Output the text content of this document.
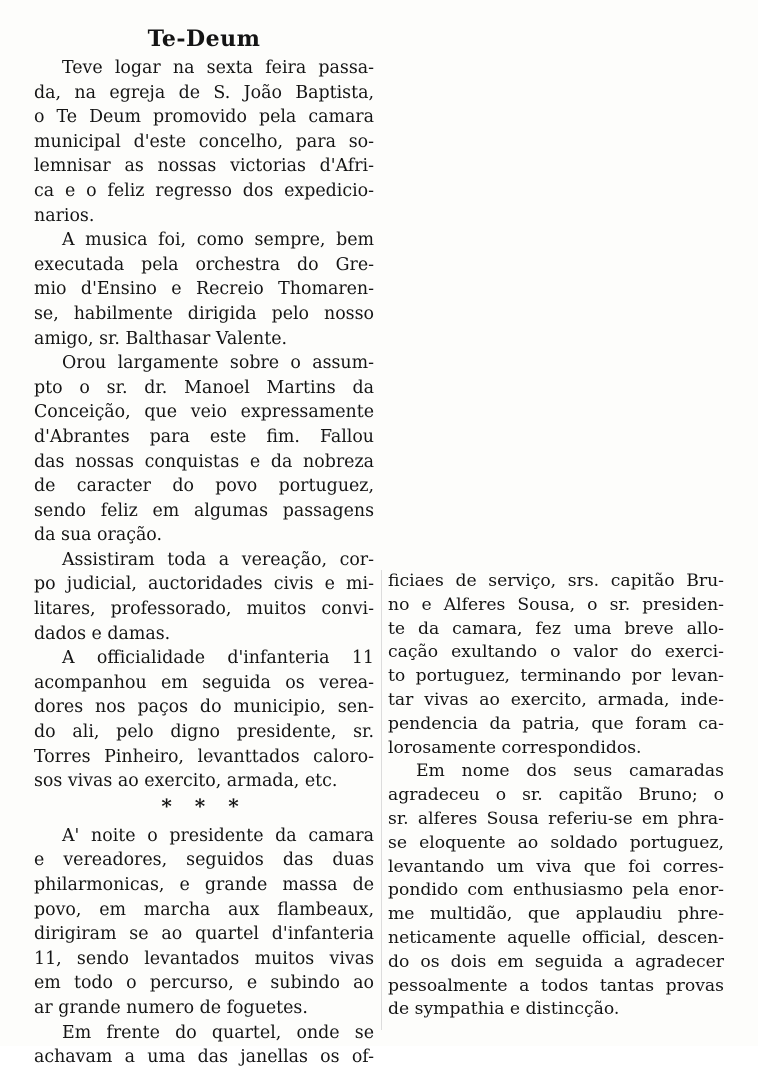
Te-Deum
Teve logar na sexta feira passa-
da, na egreja de S. João Baptista,
o Te Deum promovido pela camara
municipal d'este concelho, para so-
lemnisar as nossas victorias d'Afri-
ca e o feliz regresso dos expedicio-
narios.
A musica foi, como sempre, bem
executada pela orchestra do Gre-
mio d'Ensino e Recreio Thomaren-
se, habilmente dirigida pelo nosso
amigo, sr. Balthasar Valente.
Orou largamente sobre o assum-
pto o sr. dr. Manoel Martins da
Conceição, que veio expressamente
d'Abrantes para este fim. Fallou
das nossas conquistas e da nobreza
de caracter do povo portuguez,
sendo feliz em algumas passagens
da sua oração.
Assistiram toda a vereação, cor-
po judicial, auctoridades civis e mi-
litares, professorado, muitos convi-
dados e damas.
A officialidade d'infanteria 11
acompanhou em seguida os verea-
dores nos paços do municipio, sen-
do ali, pelo digno presidente, sr.
Torres Pinheiro, levanttados caloro-
sos vivas ao exercito, armada, etc.
* * *
A' noite o presidente da camara
e vereadores, seguidos das duas
philarmonicas, e grande massa de
povo, em marcha aux flambeaux,
dirigiram se ao quartel d'infanteria
11, sendo levantados muitos vivas
em todo o percurso, e subindo ao
ar grande numero de foguetes.
Em frente do quartel, onde se
achavam a uma das janellas os of-
ficiaes de serviço, srs. capitão Bru-
no e Alferes Sousa, o sr. presiden-
te da camara, fez uma breve allo-
cação exultando o valor do exerci-
to portuguez, terminando por levan-
tar vivas ao exercito, armada, inde-
pendencia da patria, que foram ca-
lorosamente correspondidos.
Em nome dos seus camaradas
agradeceu o sr. capitão Bruno; o
sr. alferes Sousa referiu-se em phra-
se eloquente ao soldado portuguez,
levantando um viva que foi corres-
pondido com enthusiasmo pela enor-
me multidão, que applaudiu phre-
neticamente aquelle official, descen-
do os dois em seguida a agradecer
pessoalmente a todos tantas provas
de sympathia e distincção.
